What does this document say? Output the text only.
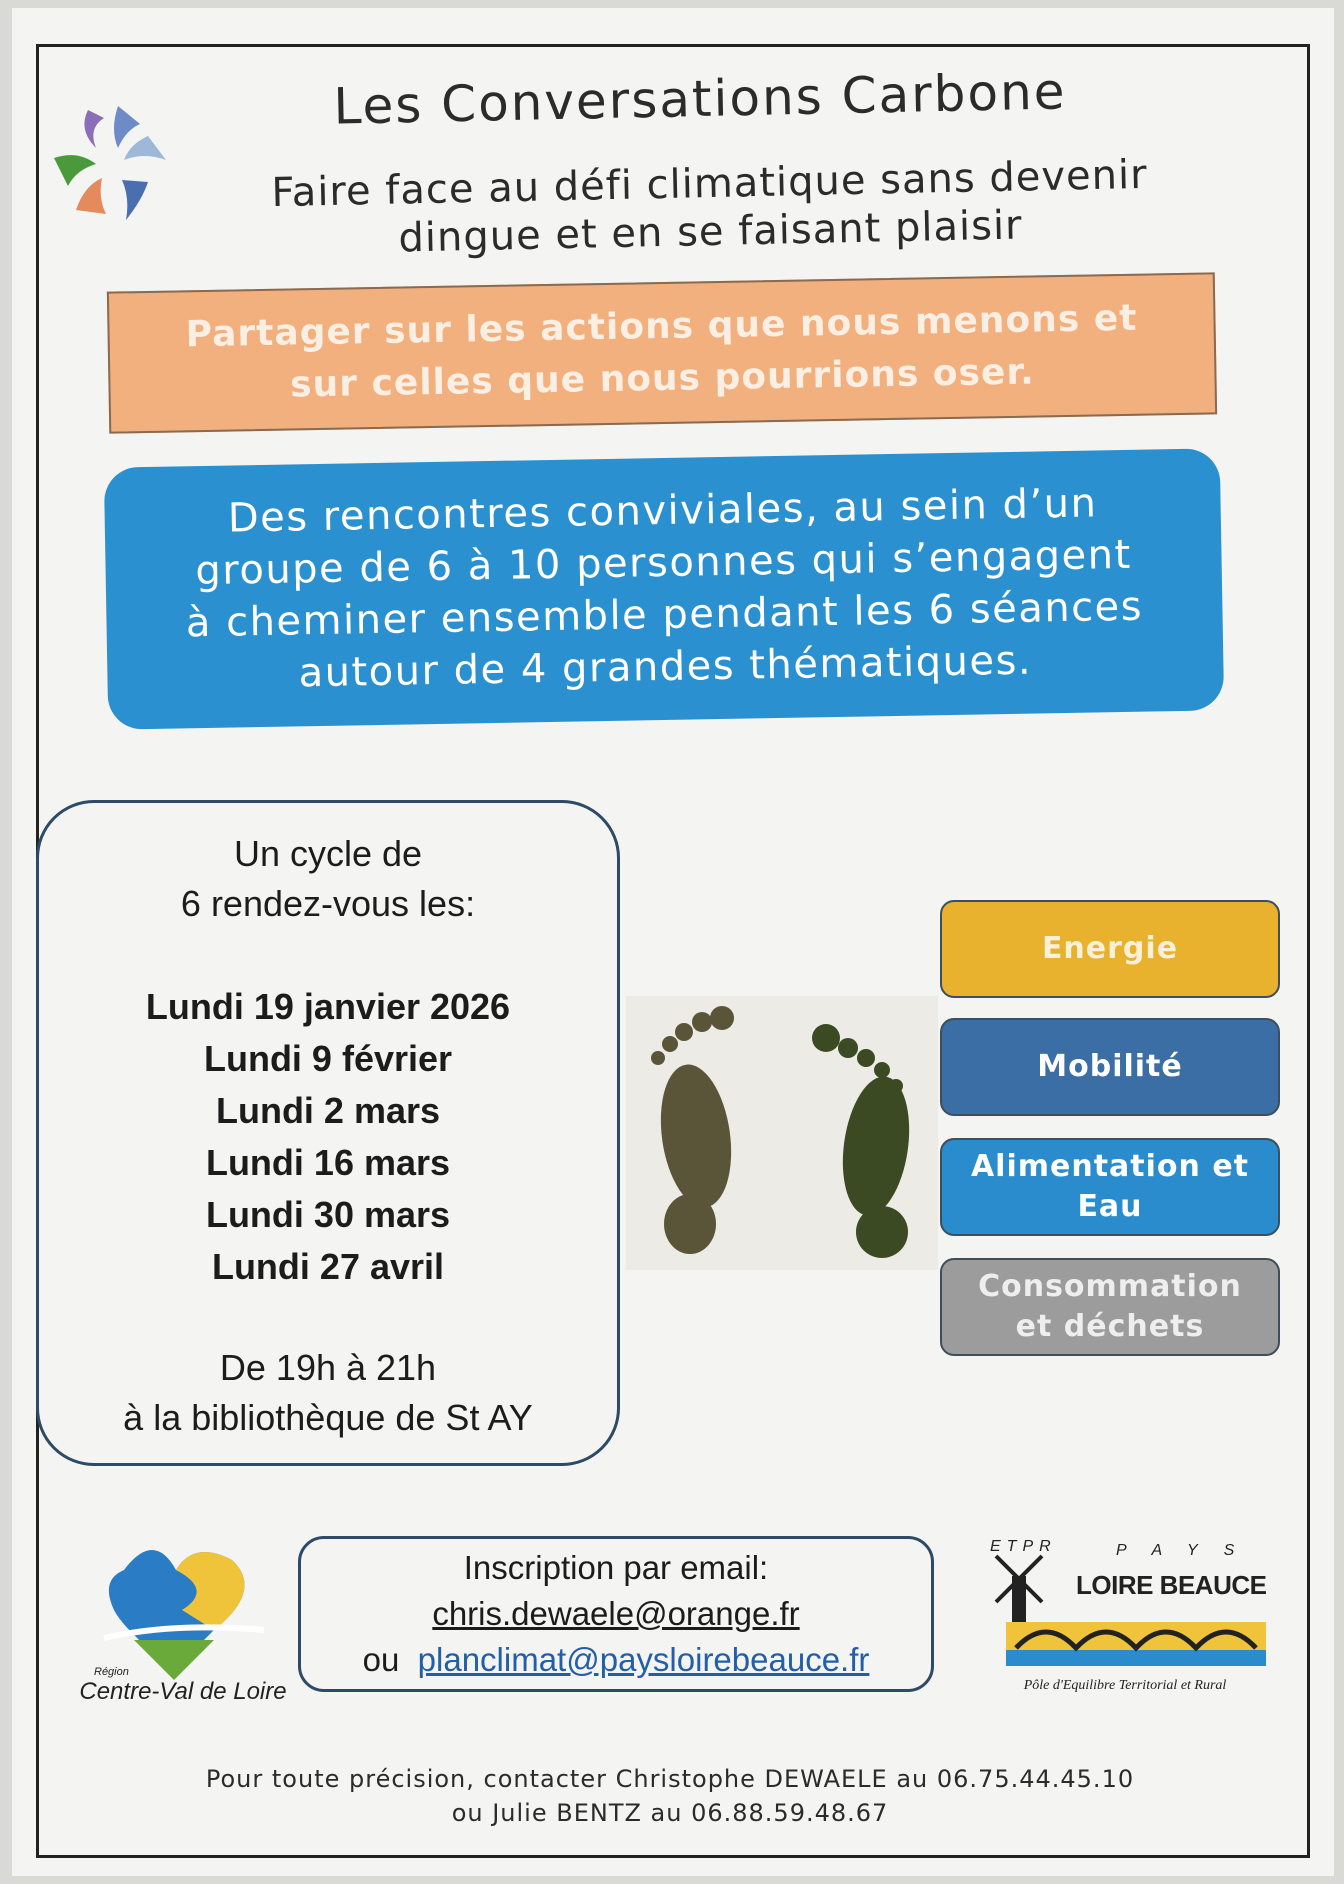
Les Conversations Carbone
Faire face au défi climatique sans devenir
dingue et en se faisant plaisir
Partager sur les actions que nous menons et
sur celles que nous pourrions oser.
Des rencontres conviviales, au sein d’un
groupe de 6 à 10 personnes qui s’engagent
à cheminer ensemble pendant les 6 séances
autour de 4 grandes thématiques.
Un cycle de
6 rendez-vous les:
Lundi 19 janvier 2026
Lundi 9 février
Lundi 2 mars
Lundi 16 mars
Lundi 30 mars
Lundi 27 avril
De 19h à 21h
à la bibliothèque de St AY
Energie
Mobilité
Alimentation et
Eau
Consommation
et déchets
Région
Centre-Val de Loire
Inscription par email:
chris.dewaele@orange.fr
ou planclimat@paysloirebeauce.fr
ETPR	PAYS
LOIRE BEAUCE
Pôle d'Equilibre Territorial et Rural
Pour toute précision, contacter Christophe DEWAELE au 06.75.44.45.10
ou Julie BENTZ au 06.88.59.48.67
